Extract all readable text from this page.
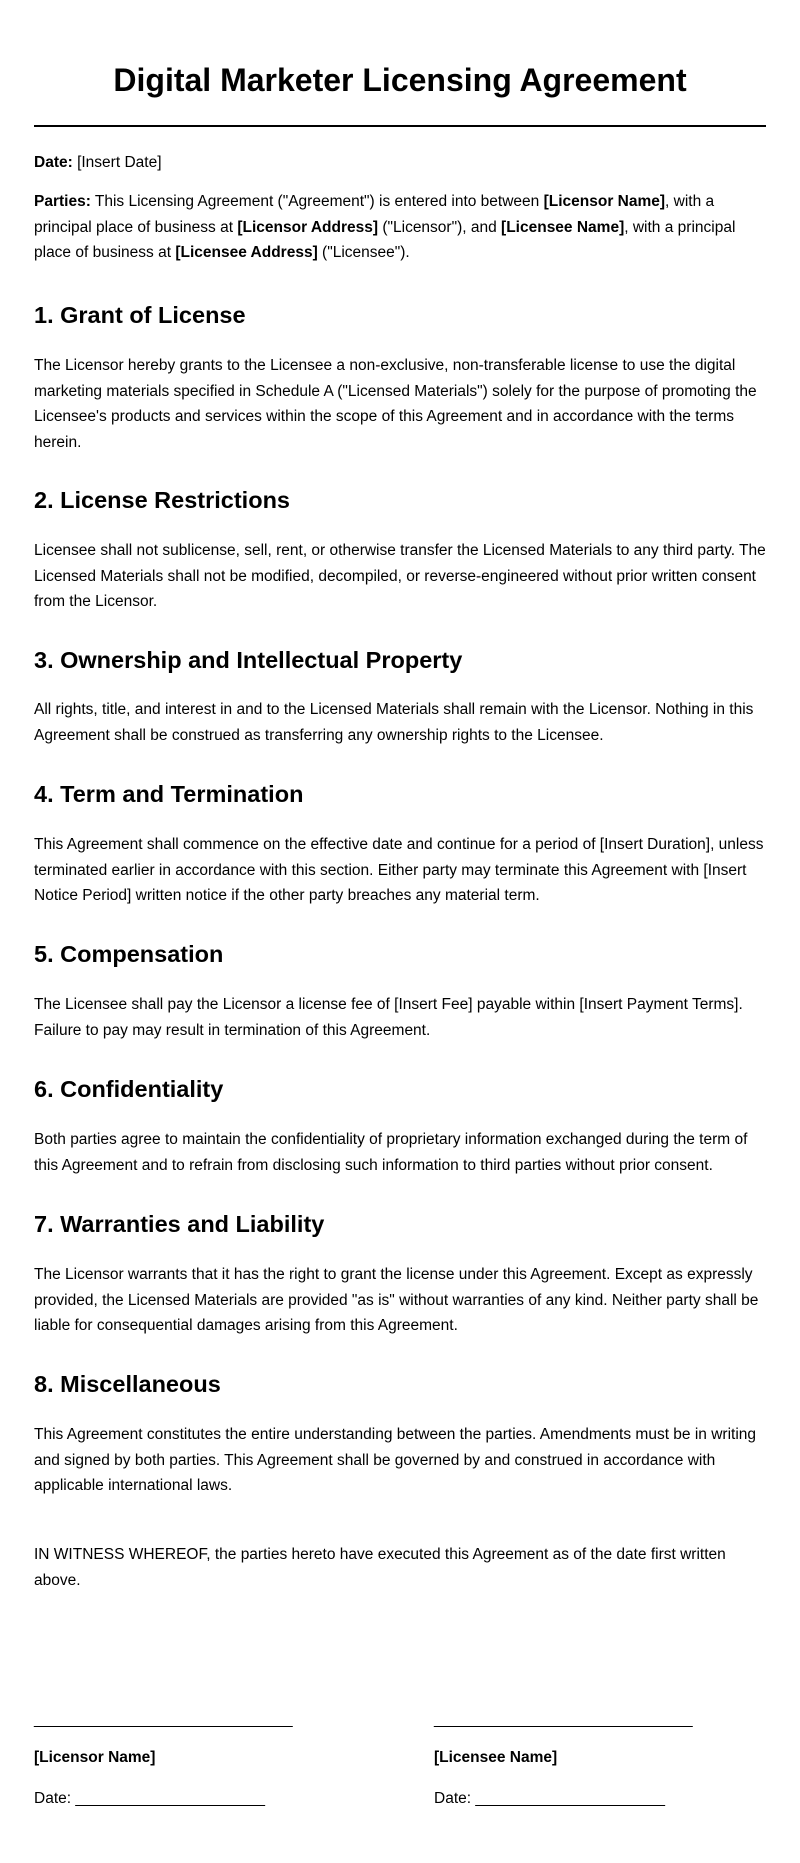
Digital Marketer Licensing Agreement

Date: [Insert Date]

Parties: This Licensing Agreement ("Agreement") is entered into between [Licensor Name], with a principal place of business at [Licensor Address] ("Licensor"), and [Licensee Name], with a principal place of business at [Licensee Address] ("Licensee").

1. Grant of License

The Licensor hereby grants to the Licensee a non-exclusive, non-transferable license to use the digital marketing materials specified in Schedule A ("Licensed Materials") solely for the purpose of promoting the Licensee's products and services within the scope of this Agreement and in accordance with the terms herein.

2. License Restrictions

Licensee shall not sublicense, sell, rent, or otherwise transfer the Licensed Materials to any third party. The Licensed Materials shall not be modified, decompiled, or reverse-engineered without prior written consent from the Licensor.

3. Ownership and Intellectual Property

All rights, title, and interest in and to the Licensed Materials shall remain with the Licensor. Nothing in this Agreement shall be construed as transferring any ownership rights to the Licensee.

4. Term and Termination

This Agreement shall commence on the effective date and continue for a period of [Insert Duration], unless terminated earlier in accordance with this section. Either party may terminate this Agreement with [Insert Notice Period] written notice if the other party breaches any material term.

5. Compensation

The Licensee shall pay the Licensor a license fee of [Insert Fee] payable within [Insert Payment Terms]. Failure to pay may result in termination of this Agreement.

6. Confidentiality

Both parties agree to maintain the confidentiality of proprietary information exchanged during the term of this Agreement and to refrain from disclosing such information to third parties without prior consent.

7. Warranties and Liability

The Licensor warrants that it has the right to grant the license under this Agreement. Except as expressly provided, the Licensed Materials are provided "as is" without warranties of any kind. Neither party shall be liable for consequential damages arising from this Agreement.

8. Miscellaneous

This Agreement constitutes the entire understanding between the parties. Amendments must be in writing and signed by both parties. This Agreement shall be governed by and construed in accordance with applicable international laws.

IN WITNESS WHEREOF, the parties hereto have executed this Agreement as of the date first written above.

______________________________
[Licensor Name]
Date: ______________________
______________________________
[Licensee Name]
Date: ______________________
